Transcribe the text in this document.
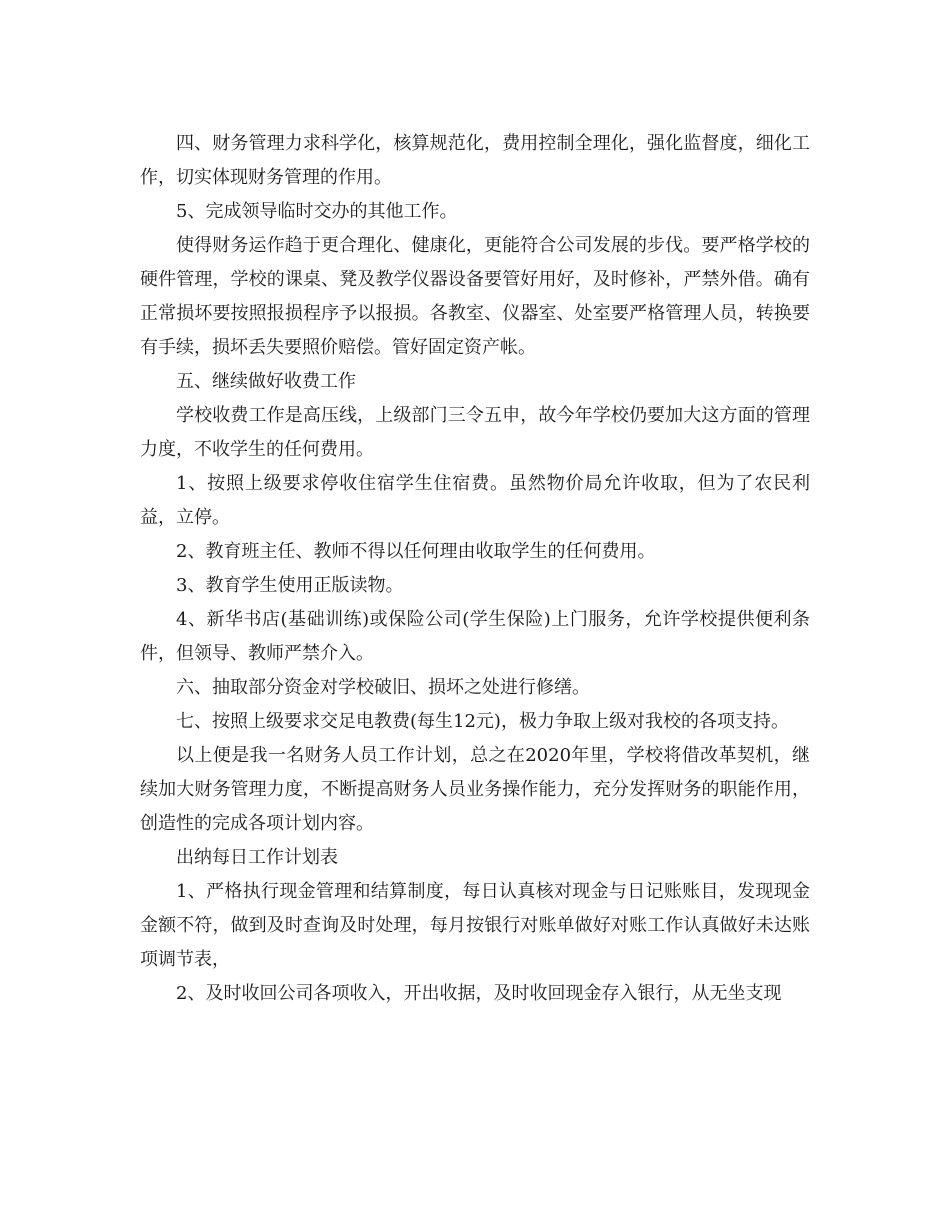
四、财务管理力求科学化，核算规范化，费用控制全理化，强化监督度，细化工作，切实体现财务管理的作用。

5、完成领导临时交办的其他工作。

使得财务运作趋于更合理化、健康化，更能符合公司发展的步伐。要严格学校的硬件管理，学校的课桌、凳及教学仪器设备要管好用好，及时修补，严禁外借。确有正常损坏要按照报损程序予以报损。各教室、仪器室、处室要严格管理人员，转换要有手续，损坏丢失要照价赔偿。管好固定资产帐。

五、继续做好收费工作

学校收费工作是高压线，上级部门三令五申，故今年学校仍要加大这方面的管理力度，不收学生的任何费用。

1、按照上级要求停收住宿学生住宿费。虽然物价局允许收取，但为了农民利益，立停。

2、教育班主任、教师不得以任何理由收取学生的任何费用。

3、教育学生使用正版读物。

4、新华书店(基础训练)或保险公司(学生保险)上门服务，允许学校提供便利条件，但领导、教师严禁介入。

六、抽取部分资金对学校破旧、损坏之处进行修缮。

七、按照上级要求交足电教费(每生12元)，极力争取上级对我校的各项支持。

以上便是我一名财务人员工作计划，总之在2020年里，学校将借改革契机，继续加大财务管理力度，不断提高财务人员业务操作能力，充分发挥财务的职能作用，创造性的完成各项计划内容。

出纳每日工作计划表

1、严格执行现金管理和结算制度，每日认真核对现金与日记账账目，发现现金金额不符，做到及时查询及时处理，每月按银行对账单做好对账工作认真做好未达账项调节表，

2、及时收回公司各项收入，开出收据，及时收回现金存入银行，从无坐支现
